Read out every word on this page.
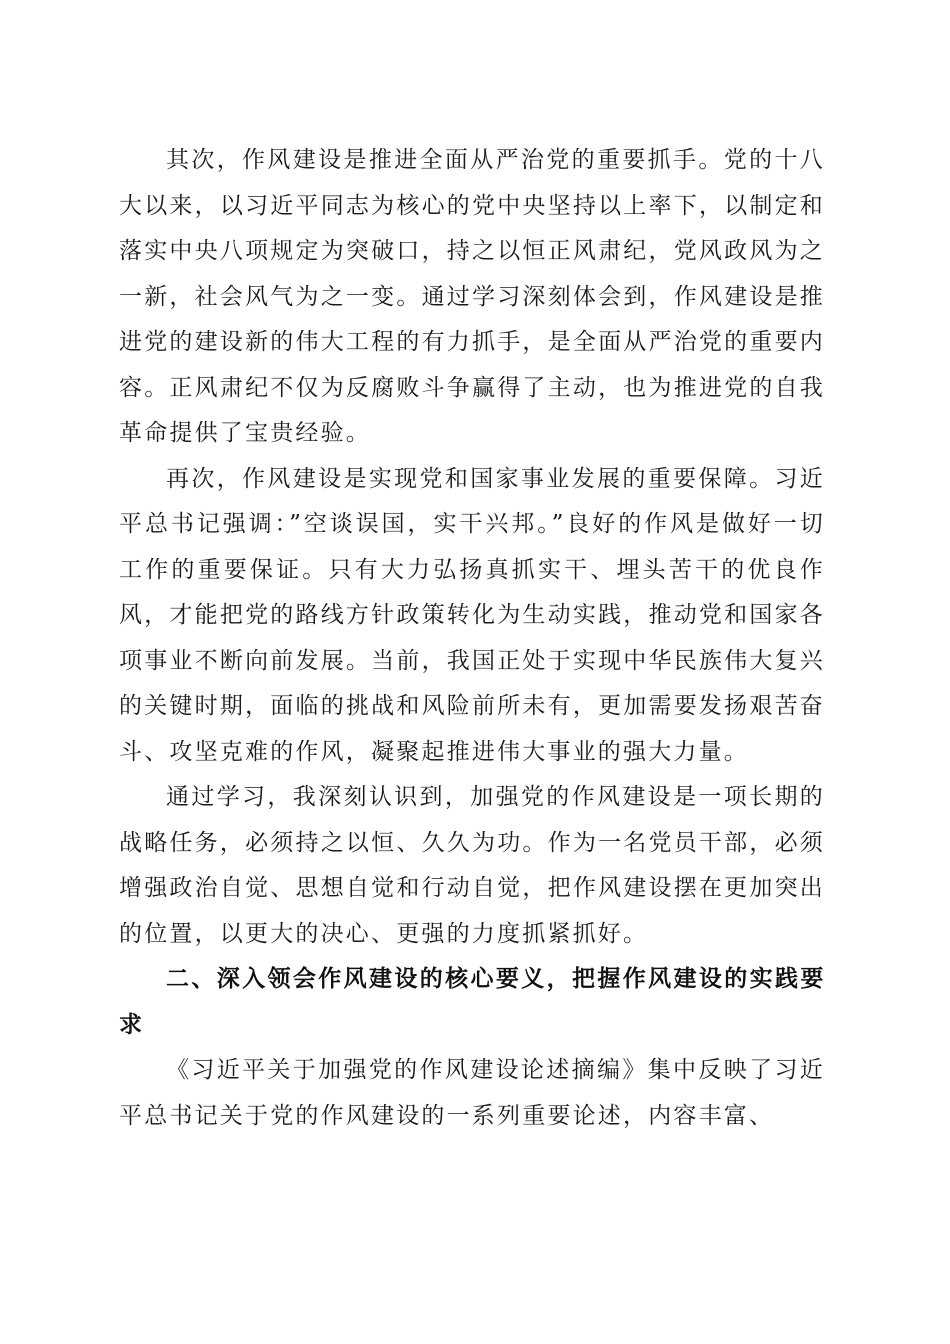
其次，作风建设是推进全面从严治党的重要抓手。党的十八大以来，以习近平同志为核心的党中央坚持以上率下，以制定和落实中央八项规定为突破口，持之以恒正风肃纪，党风政风为之一新，社会风气为之一变。通过学习深刻体会到，作风建设是推进党的建设新的伟大工程的有力抓手，是全面从严治党的重要内容。正风肃纪不仅为反腐败斗争赢得了主动，也为推进党的自我革命提供了宝贵经验。

再次，作风建设是实现党和国家事业发展的重要保障。习近平总书记强调：”空谈误国，实干兴邦。”良好的作风是做好一切工作的重要保证。只有大力弘扬真抓实干、埋头苦干的优良作风，才能把党的路线方针政策转化为生动实践，推动党和国家各项事业不断向前发展。当前，我国正处于实现中华民族伟大复兴的关键时期，面临的挑战和风险前所未有，更加需要发扬艰苦奋斗、攻坚克难的作风，凝聚起推进伟大事业的强大力量。

通过学习，我深刻认识到，加强党的作风建设是一项长期的战略任务，必须持之以恒、久久为功。作为一名党员干部，必须增强政治自觉、思想自觉和行动自觉，把作风建设摆在更加突出的位置，以更大的决心、更强的力度抓紧抓好。

二、深入领会作风建设的核心要义，把握作风建设的实践要求

《习近平关于加强党的作风建设论述摘编》集中反映了习近平总书记关于党的作风建设的一系列重要论述，内容丰富、
